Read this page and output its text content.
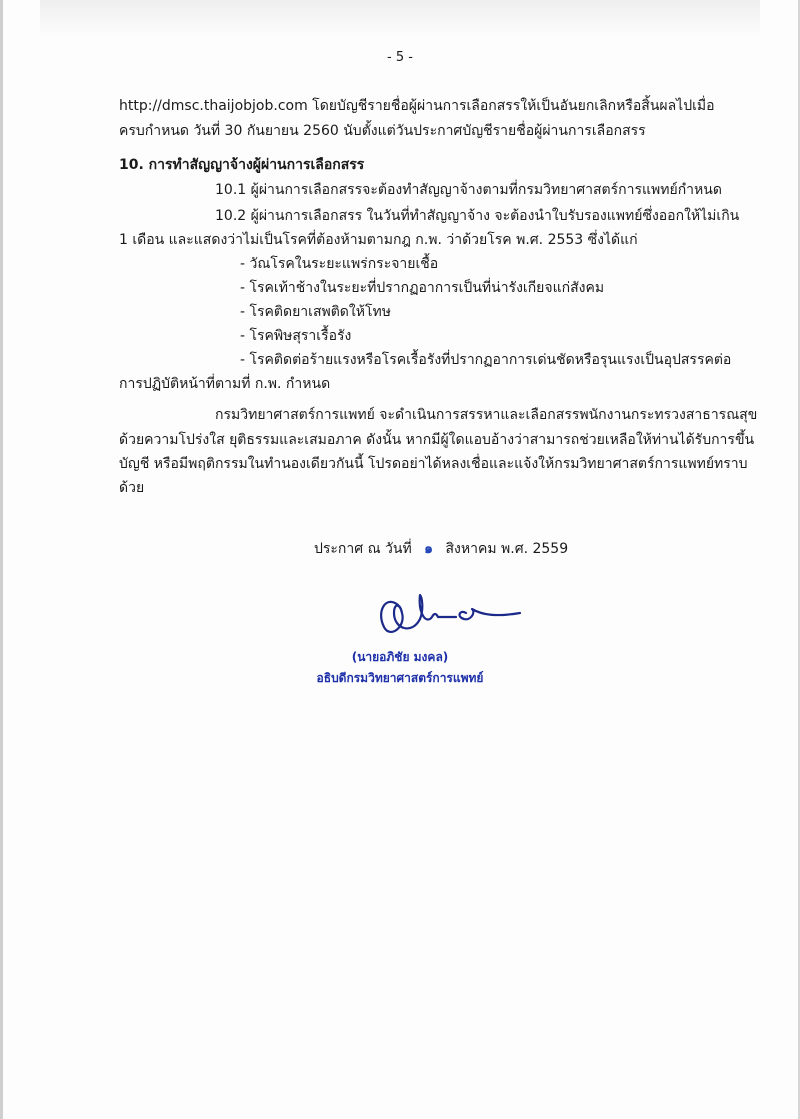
- 5 -
http://dmsc.thaijobjob.com โดยบัญชีรายชื่อผู้ผ่านการเลือกสรรให้เป็นอันยกเลิกหรือสิ้นผลไปเมื่อ
ครบกำหนด วันที่ 30 กันยายน 2560 นับตั้งแต่วันประกาศบัญชีรายชื่อผู้ผ่านการเลือกสรร
10. การทำสัญญาจ้างผู้ผ่านการเลือกสรร
10.1 ผู้ผ่านการเลือกสรรจะต้องทำสัญญาจ้างตามที่กรมวิทยาศาสตร์การแพทย์กำหนด
10.2 ผู้ผ่านการเลือกสรร ในวันที่ทำสัญญาจ้าง จะต้องนำใบรับรองแพทย์ซึ่งออกให้ไม่เกิน
1 เดือน และแสดงว่าไม่เป็นโรคที่ต้องห้ามตามกฎ ก.พ. ว่าด้วยโรค พ.ศ. 2553 ซึ่งได้แก่
- วัณโรคในระยะแพร่กระจายเชื้อ
- โรคเท้าช้างในระยะที่ปรากฏอาการเป็นที่น่ารังเกียจแก่สังคม
- โรคติดยาเสพติดให้โทษ
- โรคพิษสุราเรื้อรัง
- โรคติดต่อร้ายแรงหรือโรคเรื้อรังที่ปรากฏอาการเด่นชัดหรือรุนแรงเป็นอุปสรรคต่อ
การปฏิบัติหน้าที่ตามที่ ก.พ. กำหนด
กรมวิทยาศาสตร์การแพทย์ จะดำเนินการสรรหาและเลือกสรรพนักงานกระทรวงสาธารณสุข
ด้วยความโปร่งใส ยุติธรรมและเสมอภาค ดังนั้น หากมีผู้ใดแอบอ้างว่าสามารถช่วยเหลือให้ท่านได้รับการขึ้น
บัญชี หรือมีพฤติกรรมในทำนองเดียวกันนี้ โปรดอย่าได้หลงเชื่อและแจ้งให้กรมวิทยาศาสตร์การแพทย์ทราบ
ด้วย
ประกาศ ณ วันที่ ๑ สิงหาคม พ.ศ. 2559
(นายอภิชัย มงคล)
อธิบดีกรมวิทยาศาสตร์การแพทย์
